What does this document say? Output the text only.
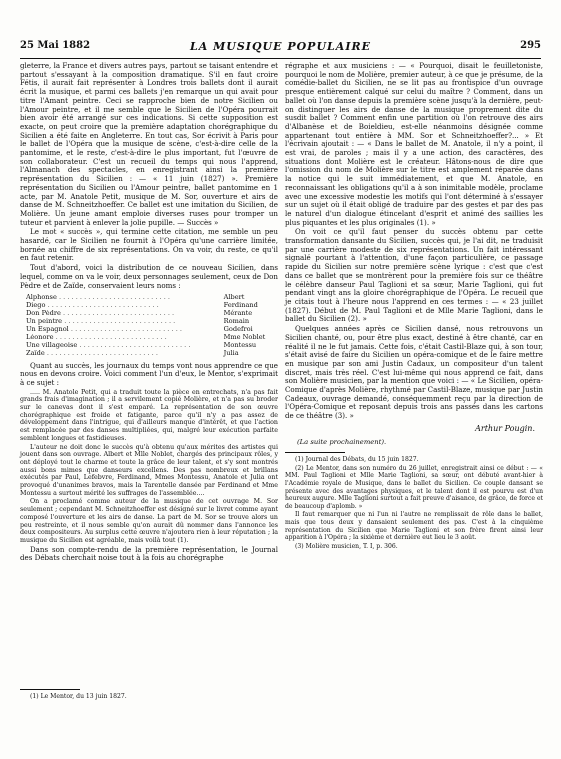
25 Mai 1882	LA MUSIQUE POPULAIRE	295

gleterre, la France et divers autres pays, partout se taisant entendre et partout s'essayant à la composition dramatique. S'il en faut croire Fétis, il aurait fait représenter à Londres trois ballets dont il aurait écrit la musique, et parmi ces ballets j'en remarque un qui avait pour titre l'Amant peintre. Ceci se rapproche bien de notre Sicilien ou l'Amour peintre, et il me semble que le Sicilien de l'Opéra pourrait bien avoir été arrangé sur ces indications. Si cette supposition est exacte, on peut croire que la première adaptation chorégraphique du Sicilien a été faite en Angleterre. En tout cas, Sor écrivit à Paris pour le ballet de l'Opéra que la musique de scène, c'est-à-dire celle de la pantomime, et le reste, c'est-à-dire le plus important, fut l'œuvre de son collaborateur. C'est un recueil du temps qui nous l'apprend, l'Almanach des spectacles, en enregistrant ainsi la première représentation du Sicilien : — « 11 juin (1827) ». Première représentation du Sicilien ou l'Amour peintre, ballet pantomime en 1 acte, par M. Anatole Petit, musique de M. Sor, ouverture et airs de danse de M. Schneitzhoeffer. Ce ballet est une imitation du Sicilien, de Molière. Un jeune amant emploie diverses ruses pour tromper un tuteur et parvient à enlever la jolie pupille. — Succès »

Le mot « succès », qui termine cette citation, me semble un peu hasardé, car le Sicilien ne fournit à l'Opéra qu'une carrière limitée, bornée au chiffre de six représentations. On va voir, du reste, ce qu'il en faut retenir.

Tout d'abord, voici la distribution de ce nouveau Sicilien, dans lequel, comme on va le voir, deux personnages seulement, ceux de Don Pèdre et de Zaïde, conservaient leurs noms :

Alphonse . . .	Albert
Diego . . .	Ferdinand
Don Pèdre . . .	Mérante
Un peintre . . .	Romain
Un Espagnol . . .	Godefroi
Léonore . . .	Mme Noblet
Une villageoise . . .	Montessu
Zaïde . . .	Julia

Quant au succès, les journaux du temps vont nous apprendre ce que nous en devons croire. Voici comment l'un d'eux, le Mentor, s'exprimait à ce sujet :

..... M. Anatole Petit, qui a traduit toute la pièce en entrechats, n'a pas fait grands frais d'imagination ; il a servilement copié Molière, et n'a pas su broder sur le canevas dont il s'est emparé. La représentation de son œuvre chorégraphique est froide et fatigante, parce qu'il n'y a pas assez de développement dans l'intrigue, qui d'ailleurs manque d'intérêt, et que l'action est remplacée par des danses multipliées, qui, malgré leur exécution parfaite semblent longues et fastidieuses.

L'auteur ne doit donc le succès qu'à obtenu qu'aux mérites des artistes qui jouent dans son ouvrage. Albert et Mlle Noblet, chargés des principaux rôles, y ont déployé tout le charme et toute la grâce de leur talent, et s'y sont montrés aussi bons mimes que danseurs excellens. Des pas nombreux et brillans exécutés par Paul, Lefebvre, Ferdinand, Mmes Montessu, Anatole et Julia ont provoqué d'unanimes bravos, mais la Tarentelle dansée par Ferdinand et Mme Montessu a surtout mérité les suffrages de l'assemblée....

On a proclamé comme auteur de la musique de cet ouvrage M. Sor seulement ; cependant M. Schneitzhoeffer est désigné sur le livret comme ayant composé l'ouverture et les airs de danse. La part de M. Sor se trouve alors un peu restreinte, et il nous semble qu'on aurait dû nommer dans l'annonce les deux compositeurs. Au surplus cette œuvre n'ajoutera rien à leur réputation ; la musique du Sicilien est agréable, mais voilà tout (1).

Dans son compte-rendu de la première représentation, le Journal des Débats cherchait noise tout à la fois au chorégraphe

(1) Le Mentor, du 13 juin 1827.

régraphe et aux musiciens : — « Pourquoi, disait le feuilletoniste, pourquoi le nom de Molière, premier auteur, à ce que je présume, de la comédie-ballet du Sicilien, ne se lit pas au frontispice d'un ouvrage presque entièrement calqué sur celui du maître ? Comment, dans un ballet où l'on danse depuis la première scène jusqu'à la dernière, peut-on distinguer les airs de danse de la musique proprement dite du susdit ballet ? Comment enfin une partition où l'on retrouve des airs d'Albanèse et de Boieldieu, est-elle néanmoins désignée comme appartenant tout entière à MM. Sor et Schneitzhoeffer?... » Et l'écrivain ajoutait : — « Dans le ballet de M. Anatole, il n'y a point, il est vrai, de paroles ; mais il y a une action, des caractères, des situations dont Molière est le créateur. Hâtons-nous de dire que l'omission du nom de Molière sur le titre est amplement réparée dans la notice qui le suit immédiatement, et que M. Anatole, en reconnaissant les obligations qu'il a à son inimitable modèle, proclame avec une excessive modestie les motifs qui l'ont déterminé à s'essayer sur un sujet où il était obligé de traduire par des gestes et par des pas le naturel d'un dialogue étincelant d'esprit et animé des saillies les plus piquantes et les plus originales (1). »

On voit ce qu'il faut penser du succès obtenu par cette transformation dansante du Sicilien, succès qui, je l'ai dit, ne traduisit par une carrière modeste de six représentations. Un fait intéressant signalé pourtant à l'attention, d'une façon particulière, ce passage rapide du Sicilien sur notre première scène lyrique : c'est que c'est dans ce ballet que se montrèrent pour la première fois sur ce théâtre le célèbre danseur Paul Taglioni et sa sœur, Marie Taglioni, qui fut pendant vingt ans la gloire chorégraphique de l'Opéra. Le recueil que je citais tout à l'heure nous l'apprend en ces termes : — « 23 juillet (1827). Début de M. Paul Taglioni et de Mlle Marie Taglioni, dans le ballet du Sicilien (2). »

Quelques années après ce Sicilien dansé, nous retrouvons un Sicilien chanté, ou, pour être plus exact, destiné à être chanté, car en réalité il ne le fut jamais. Cette fois, c'était Castil-Blaze qui, à son tour, s'était avisé de faire du Sicilien un opéra-comique et de le faire mettre en musique par son ami Justin Cadaux, un compositeur d'un talent discret, mais très réel. C'est lui-même qui nous apprend ce fait, dans son Molière musicien, par la mention que voici : — « Le Sicilien, opéra-Comique d'après Molière, rhythmé par Castil-Blaze, musique par Justin Cadeaux, ouvrage demandé, conséquemment reçu par la direction de l'Opéra-Comique et reposant depuis trois ans passés dans les cartons de ce théâtre (3). »

Arthur Pougin.
(La suite prochainement).

(1) Journal des Débats, du 15 juin 1827.

(2) Le Mentor, dans son numéro du 26 juillet, enregistrait ainsi ce début : — « MM. Paul Taglioni et Mlle Marie Taglioni, sa sœur, ont débuté avant-hier à l'Académie royale de Musique, dans le ballet du Sicilien. Ce couple dansant se présente avec des avantages physiques, et le talent dont il est pourvu est d'un heureux augure. Mlle Taglioni surtout a fait preuve d'aisance, de grâce, de force et de beaucoup d'aplomb. »

Il faut remarquer que ni l'un ni l'autre ne remplissait de rôle dans le ballet, mais que tous deux y dansaient seulement des pas. C'est à la cinquième représentation du Sicilien que Marie Taglioni et son frère firent ainsi leur apparition à l'Opéra ; la sixième et dernière eut lieu le 3 août.

(3) Molière musicien, T. I, p. 306.
